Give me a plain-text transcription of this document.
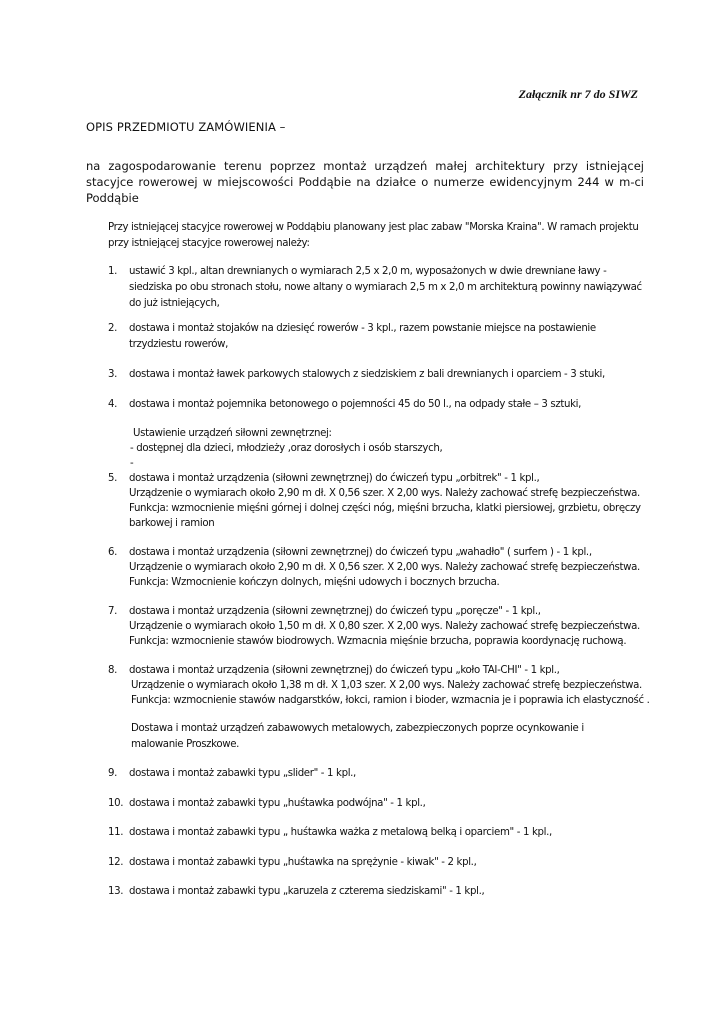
Załącznik nr 7 do SIWZ

OPIS PRZEDMIOTU ZAMÓWIENIA –

na zagospodarowanie terenu poprzez montaż urządzeń małej architektury przy istniejącej stacyjce rowerowej w miejscowości Poddąbie na działce o numerze ewidencyjnym 244 w m-ci Poddąbie

Przy istniejącej stacyjce rowerowej w Poddąbiu planowany jest plac zabaw "Morska Kraina". W ramach projektu przy istniejącej stacyjce rowerowej należy:

1. ustawić 3 kpl., altan drewnianych o wymiarach 2,5 x 2,0 m, wyposażonych w dwie drewniane ławy - siedziska po obu stronach stołu, nowe altany o wymiarach 2,5 m x 2,0 m architekturą powinny nawiązywać do już istniejących,
2. dostawa i montaż stojaków na dziesięć rowerów - 3 kpl., razem powstanie miejsce na postawienie trzydziestu rowerów,
3. dostawa i montaż ławek parkowych stalowych z siedziskiem z bali drewnianych i oparciem - 3 stuki,
4. dostawa i montaż pojemnika betonowego o pojemności 45 do 50 l., na odpady stałe – 3 sztuki,
Ustawienie urządzeń siłowni zewnętrznej:
- dostępnej dla dzieci, młodzieży ,oraz dorosłych i osób starszych,
-
5. dostawa i montaż urządzenia (siłowni zewnętrznej) do ćwiczeń typu „orbitrek" - 1 kpl.,
Urządzenie o wymiarach około 2,90 m dł. X 0,56 szer. X 2,00 wys. Należy zachować strefę bezpieczeństwa.
Funkcja: wzmocnienie mięśni górnej i dolnej części nóg, mięśni brzucha, klatki piersiowej, grzbietu, obręczy
barkowej i ramion
6. dostawa i montaż urządzenia (siłowni zewnętrznej) do ćwiczeń typu „wahadło" ( surfem ) - 1 kpl.,
Urządzenie o wymiarach około 2,90 m dł. X 0,56 szer. X 2,00 wys. Należy zachować strefę bezpieczeństwa.
Funkcja: Wzmocnienie kończyn dolnych, mięśni udowych i bocznych brzucha.
7. dostawa i montaż urządzenia (siłowni zewnętrznej) do ćwiczeń typu „poręcze" - 1 kpl.,
Urządzenie o wymiarach około 1,50 m dł. X 0,80 szer. X 2,00 wys. Należy zachować strefę bezpieczeństwa.
Funkcja: wzmocnienie stawów biodrowych. Wzmacnia mięśnie brzucha, poprawia koordynację ruchową.
8. dostawa i montaż urządzenia (siłowni zewnętrznej) do ćwiczeń typu „koło TAI-CHI" - 1 kpl.,
Urządzenie o wymiarach około 1,38 m dł. X 1,03 szer. X 2,00 wys. Należy zachować strefę bezpieczeństwa.
Funkcja: wzmocnienie stawów nadgarstków, łokci, ramion i bioder, wzmacnia je i poprawia ich elastyczność .

Dostawa i montaż urządzeń zabawowych metalowych, zabezpieczonych poprze ocynkowanie i malowanie Proszkowe.

9. dostawa i montaż zabawki typu „slider" - 1 kpl.,
10. dostawa i montaż zabawki typu „huśtawka podwójna" - 1 kpl.,
11. dostawa i montaż zabawki typu „ huśtawka ważka z metalową belką i oparciem" - 1 kpl.,
12. dostawa i montaż zabawki typu „huśtawka na sprężynie - kiwak" - 2 kpl.,
13. dostawa i montaż zabawki typu „karuzela z czterema siedziskami" - 1 kpl.,
